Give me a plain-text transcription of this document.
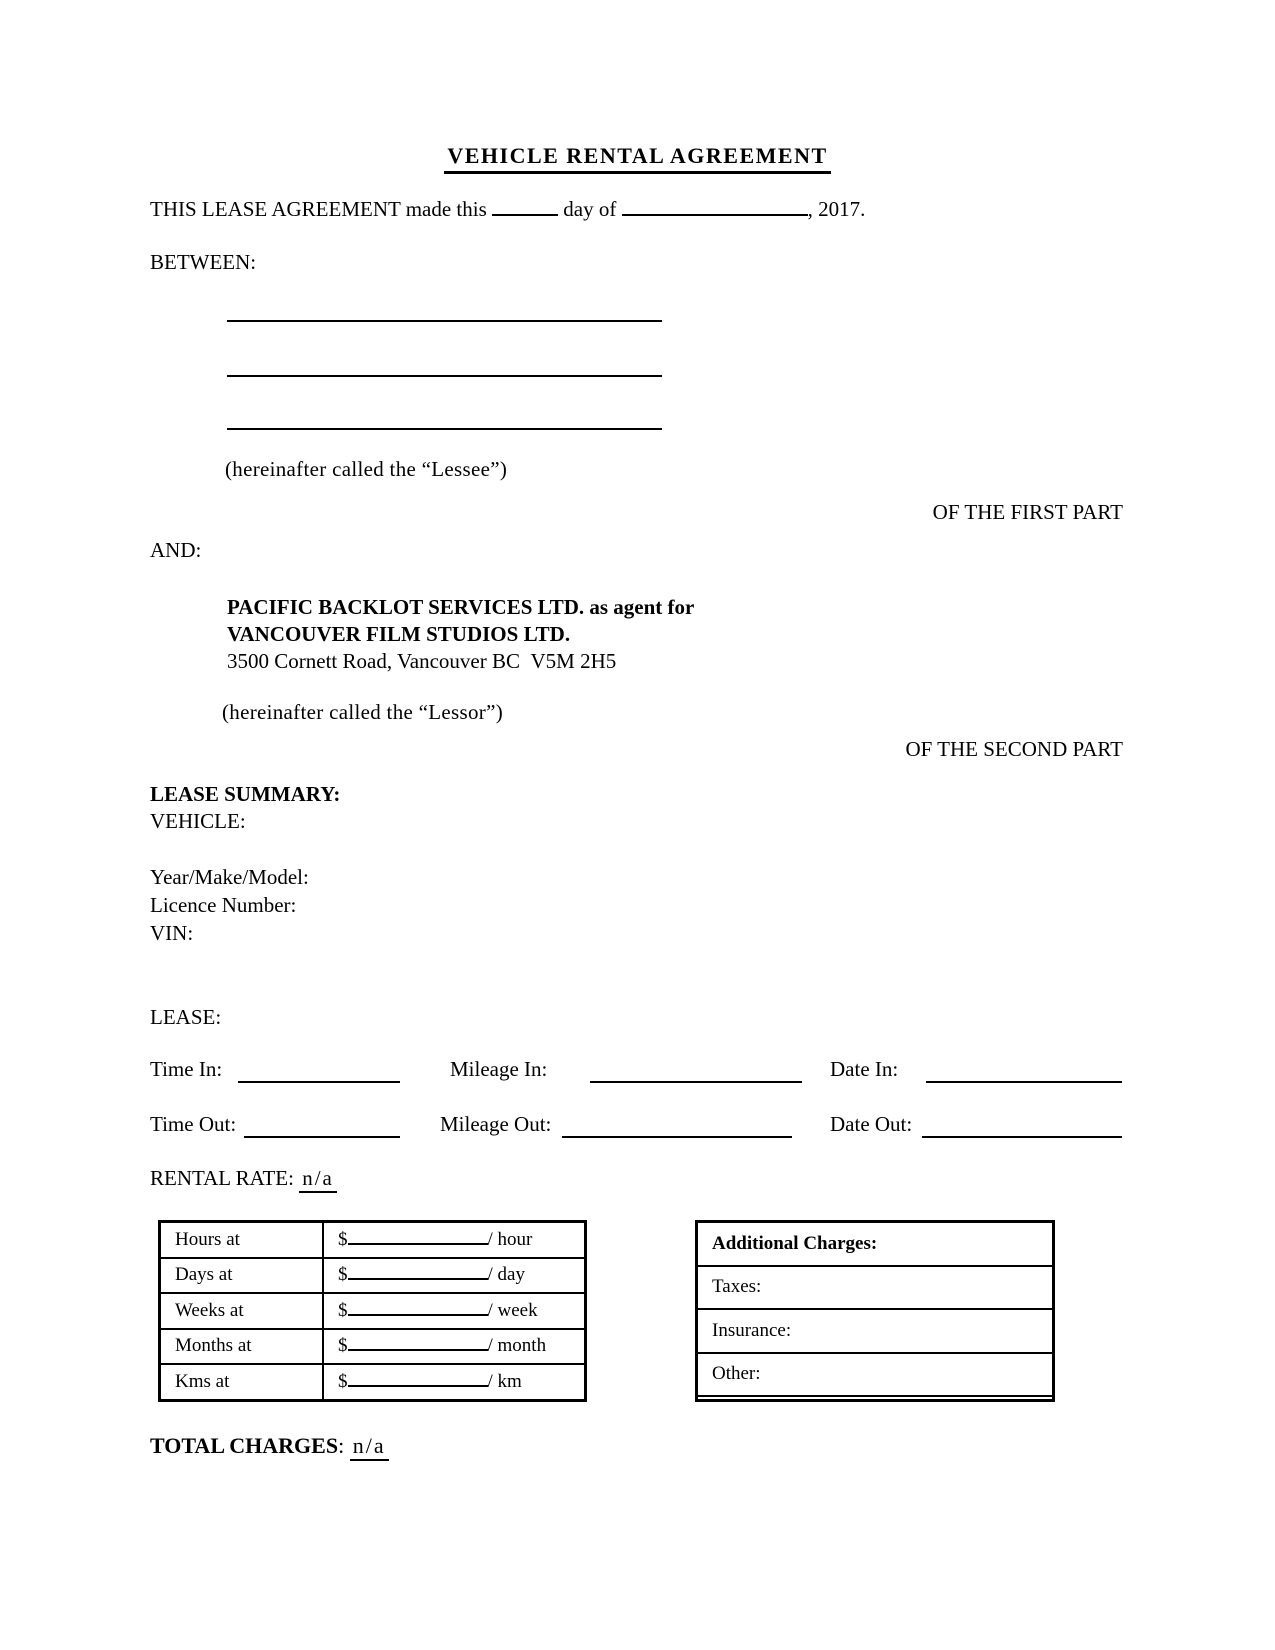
VEHICLE RENTAL AGREEMENT
THIS LEASE AGREEMENT made this	day of	, 2017.
BETWEEN:
(hereinafter called the “Lessee”)
OF THE FIRST PART
AND:
PACIFIC BACKLOT SERVICES LTD. as agent for
VANCOUVER FILM STUDIOS LTD.
3500 Cornett Road, Vancouver BC  V5M 2H5
(hereinafter called the “Lessor”)
OF THE SECOND PART
LEASE SUMMARY:
VEHICLE:
Year/Make/Model:
Licence Number:
VIN:
LEASE:
Time In:	Mileage In:	Date In:
Time Out:	Mileage Out:	Date Out:
RENTAL RATE: n/a
Hours at	$ / hour
Days at	$ / day
Weeks at	$ / week
Months at	$ / month
Kms at	$ / km
Additional Charges:
Taxes:
Insurance:
Other:

TOTAL CHARGES: n/a
